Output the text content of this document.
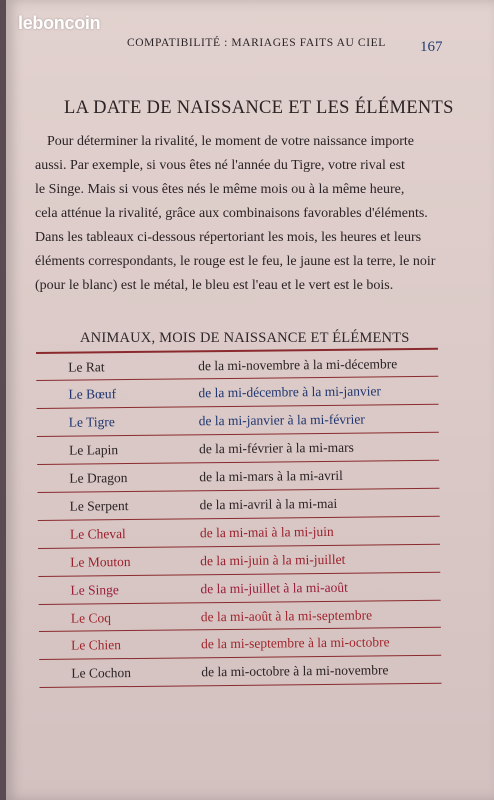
leboncoin
COMPATIBILITÉ : MARIAGES FAITS AU CIEL 167
LA DATE DE NAISSANCE ET LES ÉLÉMENTS

Pour déterminer la rivalité, le moment de votre naissance importe
aussi. Par exemple, si vous êtes né l'année du Tigre, votre rival est
le Singe. Mais si vous êtes nés le même mois ou à la même heure,
cela atténue la rivalité, grâce aux combinaisons favorables d'éléments.
Dans les tableaux ci-dessous répertoriant les mois, les heures et leurs
éléments correspondants, le rouge est le feu, le jaune est la terre, le noir
(pour le blanc) est le métal, le bleu est l'eau et le vert est le bois.

ANIMAUX, MOIS DE NAISSANCE ET ÉLÉMENTS
Le Rat	de la mi-novembre à la mi-décembre
Le Bœuf	de la mi-décembre à la mi-janvier
Le Tigre	de la mi-janvier à la mi-février
Le Lapin	de la mi-février à la mi-mars
Le Dragon	de la mi-mars à la mi-avril
Le Serpent	de la mi-avril à la mi-mai
Le Cheval	de la mi-mai à la mi-juin
Le Mouton	de la mi-juin à la mi-juillet
Le Singe	de la mi-juillet à la mi-août
Le Coq	de la mi-août à la mi-septembre
Le Chien	de la mi-septembre à la mi-octobre
Le Cochon	de la mi-octobre à la mi-novembre
